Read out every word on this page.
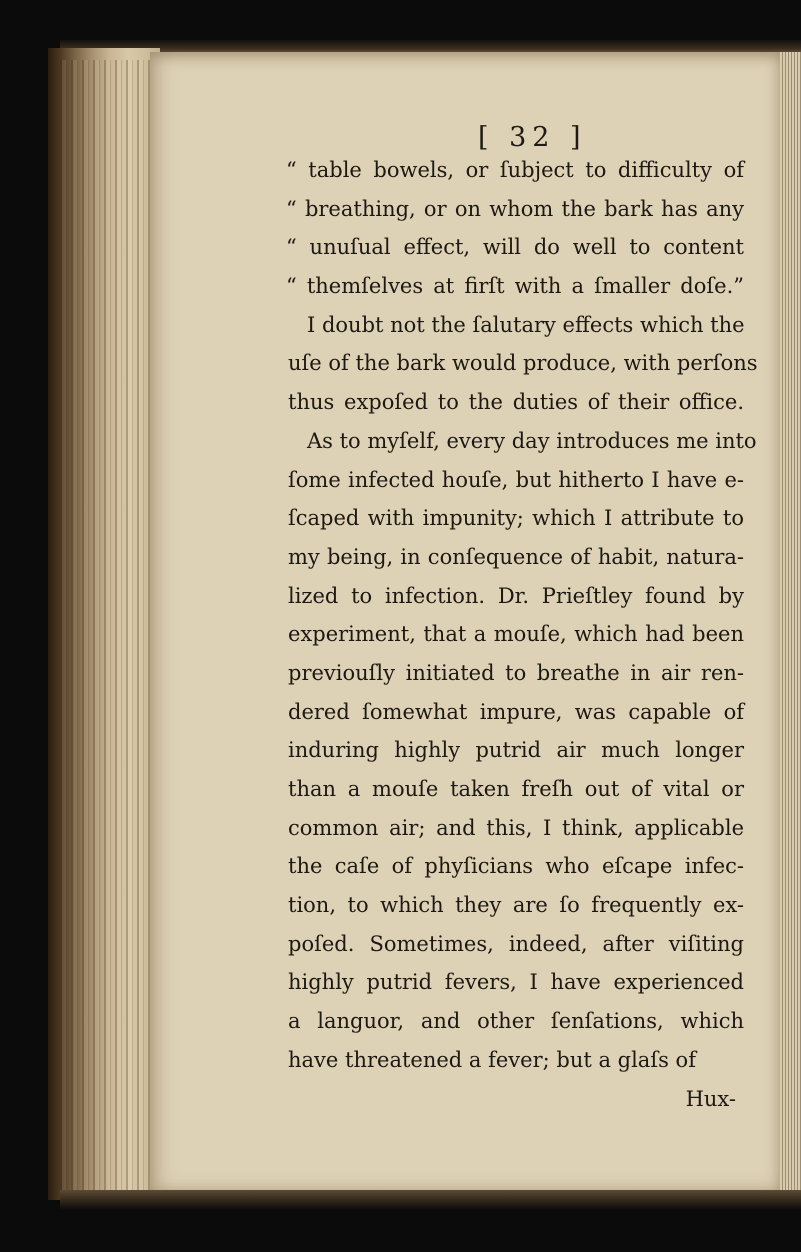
[ 32 ]
“ table bowels, or ſubject to difficulty of
“ breathing, or on whom the bark has any
“ unuſual effect, will do well to content
“ themſelves at firſt with a ſmaller doſe.”
I doubt not the ſalutary effects which the
uſe of the bark would produce, with perſons
thus expoſed to the duties of their office.
As to myſelf, every day introduces me into
ſome infected houſe, but hitherto I have e-
ſcaped with impunity; which I attribute to
my being, in conſequence of habit, natura-
lized to infection. Dr. Prieſtley found by
experiment, that a mouſe, which had been
previouſly initiated to breathe in air ren-
dered ſomewhat impure, was capable of
induring highly putrid air much longer
than a mouſe taken freſh out of vital or
common air; and this, I think, applicable
the caſe of phyſicians who eſcape infec-
tion, to which they are ſo frequently ex-
poſed. Sometimes, indeed, after viſiting
highly putrid fevers, I have experienced
a languor, and other ſenſations, which
have threatened a fever; but a glaſs of
Hux-
